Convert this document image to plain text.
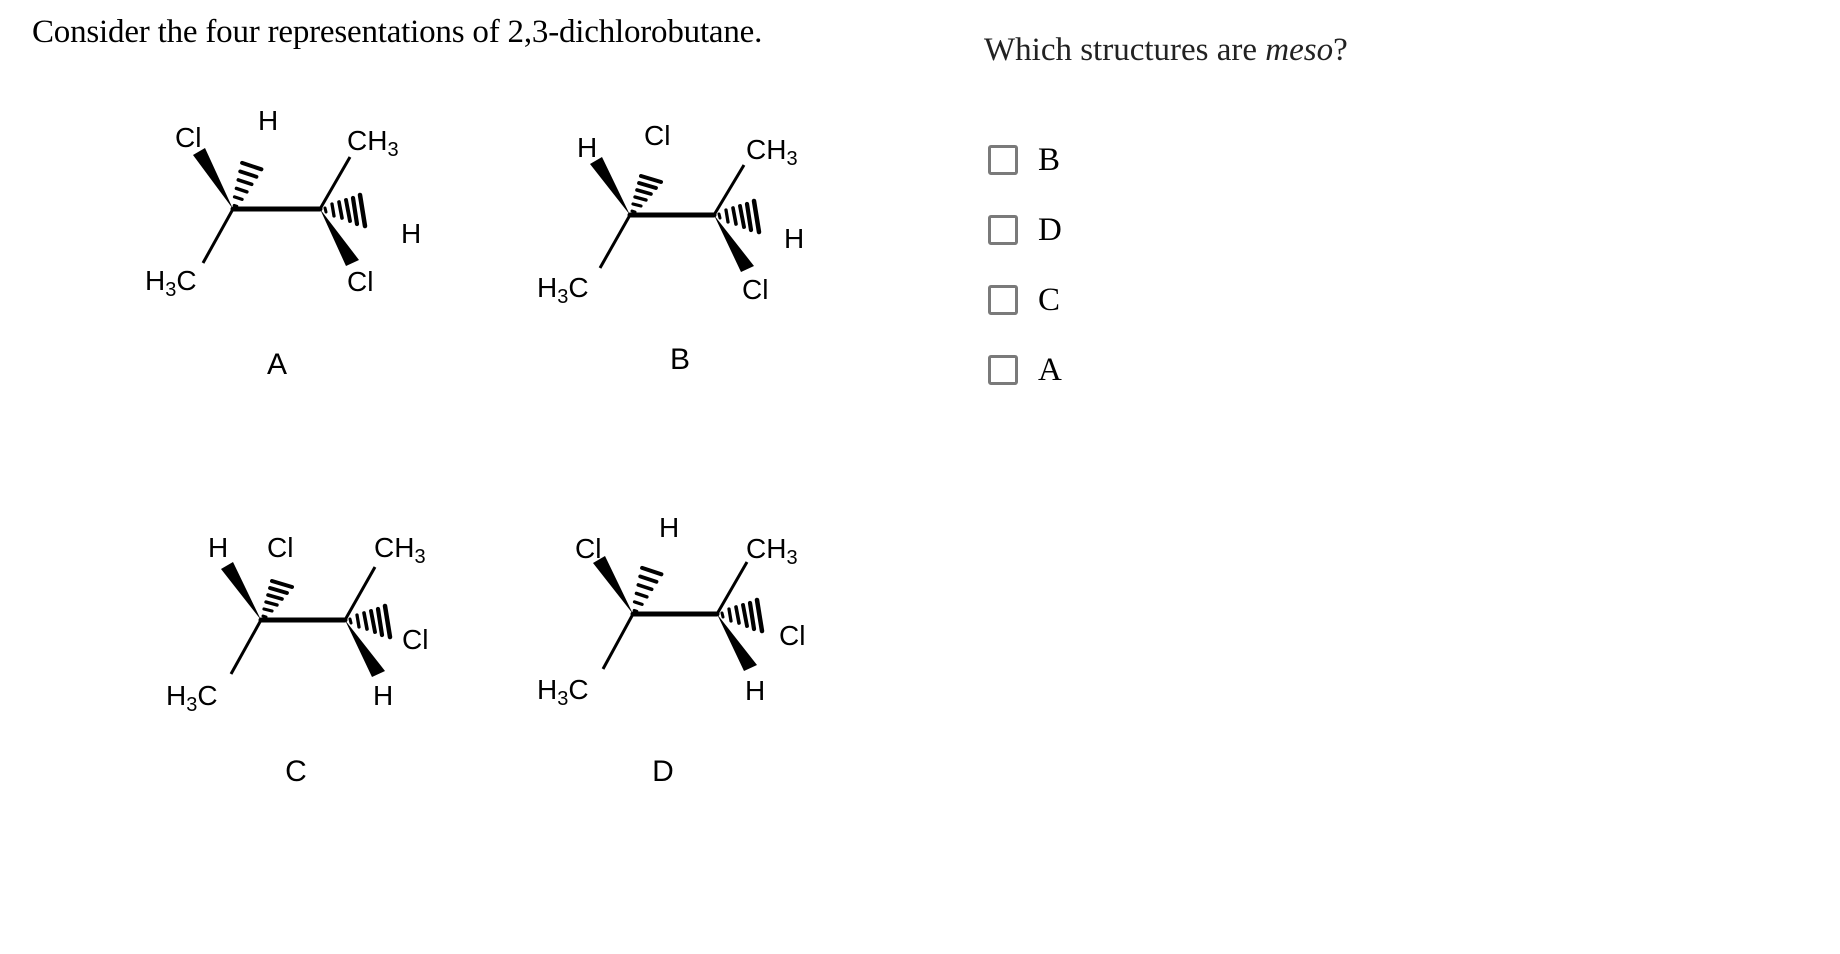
Consider the four representations of 2,3-dichlorobutane.
Cl
H
$H_3C$
$CH_3$
H
Cl
A
H Cl
$H_3C$
$CH_3$
H
Cl
B
H Cl
$H_3C$
$CH_3$
Cl
H
C
Cl
H
$H_3C$
$CH_3$
Cl
H
D
Which structures are meso?
B
D
C
A
